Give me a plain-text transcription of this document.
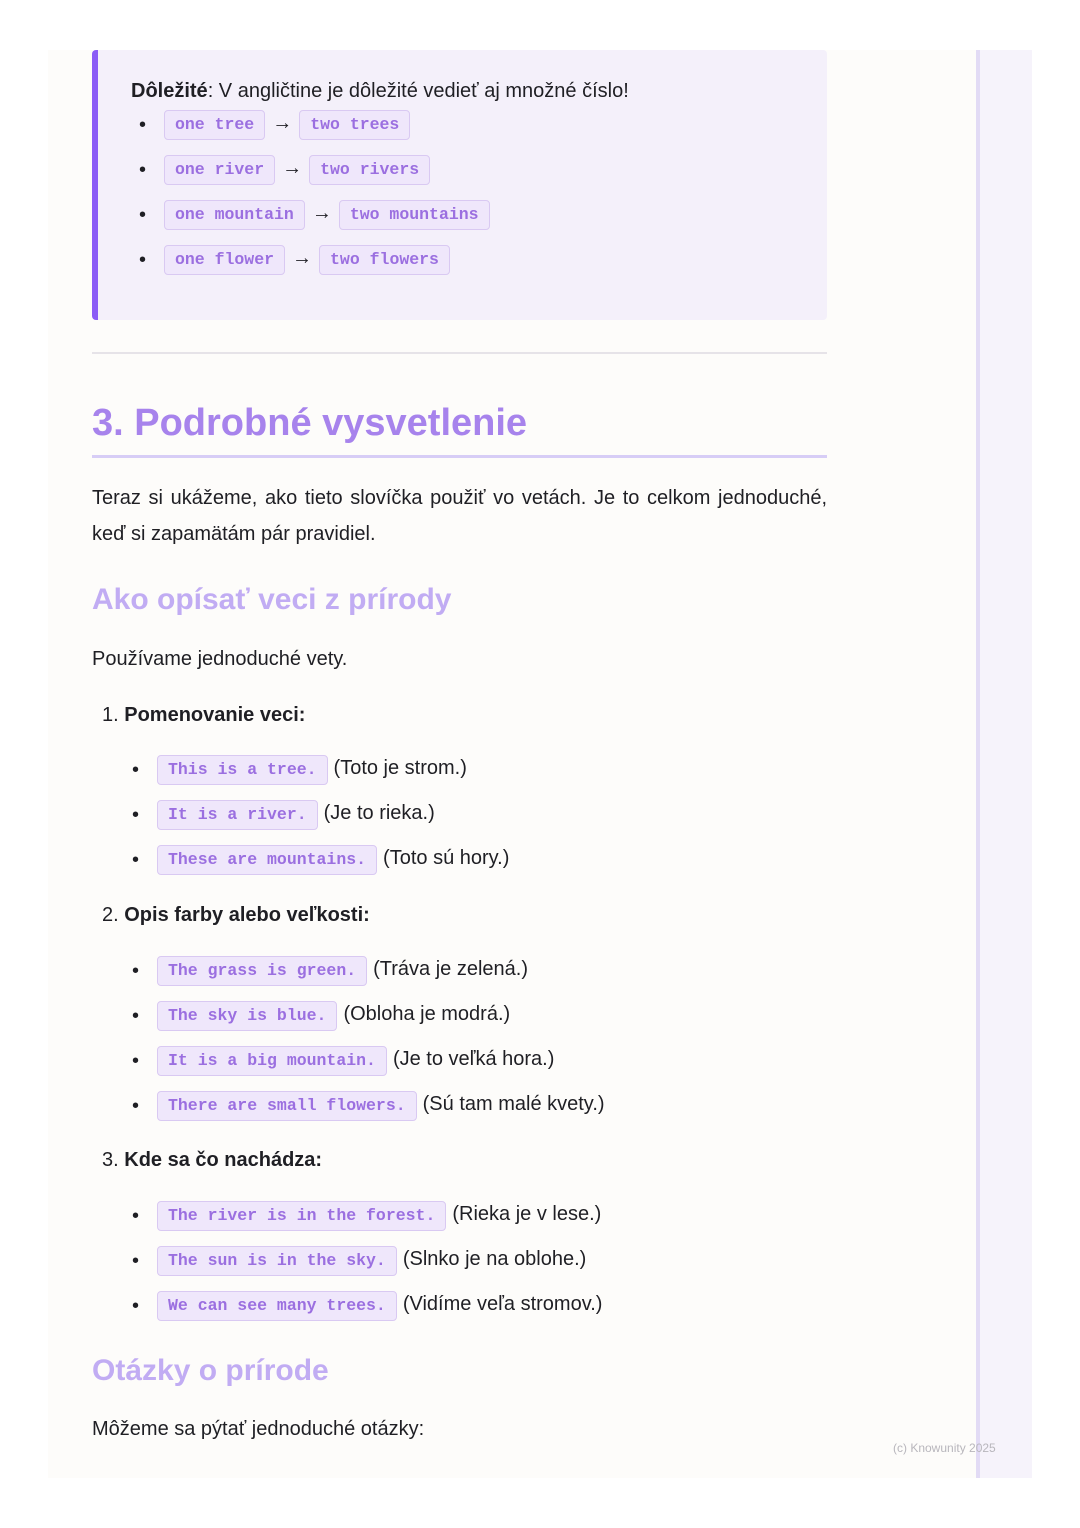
Dôležité: V angličtine je dôležité vedieť aj množné číslo!
•	one tree →	two trees
•	one river →	two rivers
•	one mountain →	two mountains
•	one flower →	two flowers
3. Podrobné vysvetlenie

Teraz si ukážeme, ako tieto slovíčka použiť vo vetách. Je to celkom jednoduché, keď si zapamätám pár pravidiel.

Ako opísať veci z prírody

Používame jednoduché vety.

1. Pomenovanie veci:
• This is a tree. (Toto je strom.)
• It is a river. (Je to rieka.)
• These are mountains. (Toto sú hory.)
2. Opis farby alebo veľkosti:
• The grass is green. (Tráva je zelená.)
• The sky is blue. (Obloha je modrá.)
• It is a big mountain. (Je to veľká hora.)
• There are small flowers. (Sú tam malé kvety.)
3. Kde sa čo nachádza:
• The river is in the forest. (Rieka je v lese.)
• The sun is in the sky. (Slnko je na oblohe.)
• We can see many trees. (Vidíme veľa stromov.)
Otázky o prírode

Môžeme sa pýtať jednoduché otázky:

(c) Knowunity 2025
